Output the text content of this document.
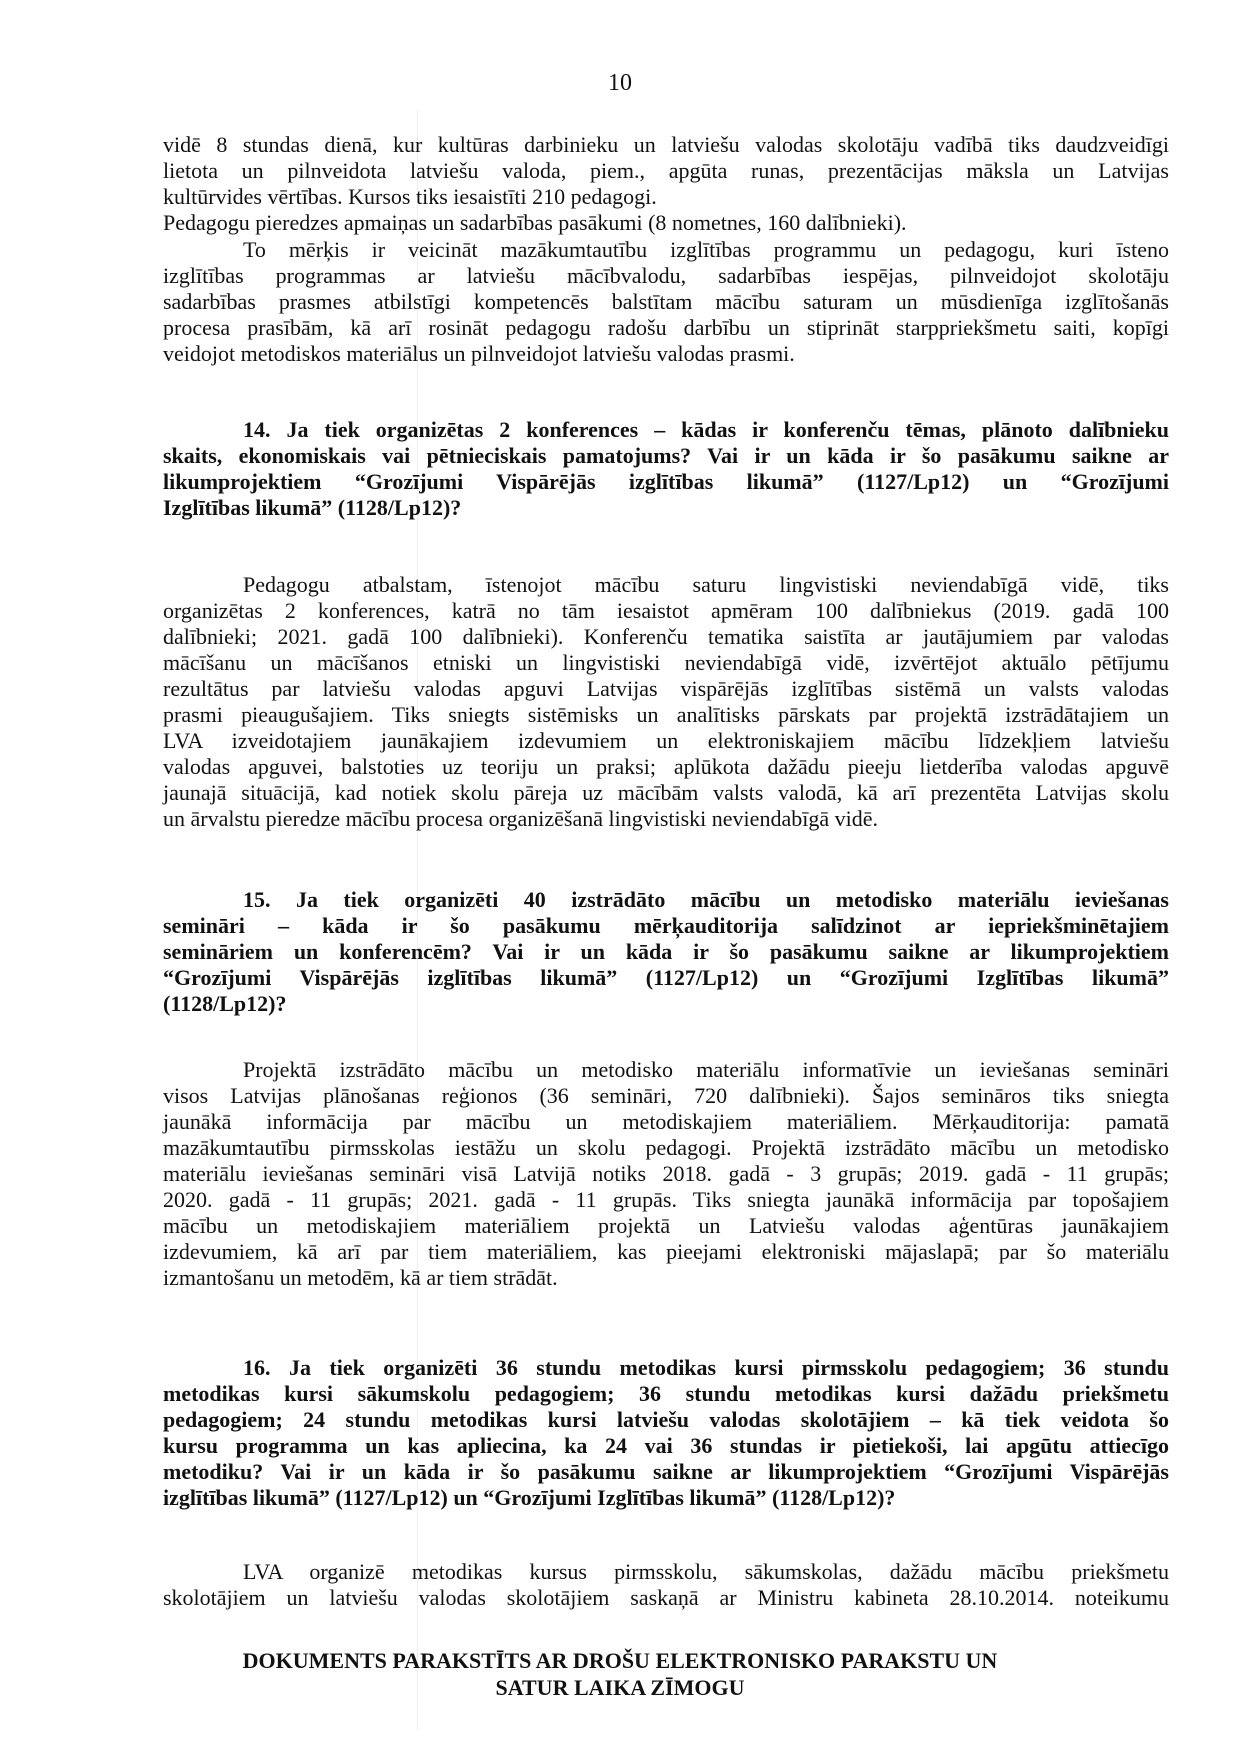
10
vidē 8 stundas dienā, kur kultūras darbinieku un latviešu valodas skolotāju vadībā tiks daudzveidīgi
lietota un pilnveidota latviešu valoda, piem., apgūta runas, prezentācijas māksla un Latvijas
kultūrvides vērtības. Kursos tiks iesaistīti 210 pedagogi.
Pedagogu pieredzes apmaiņas un sadarbības pasākumi (8 nometnes, 160 dalībnieki).
To mērķis ir veicināt mazākumtautību izglītības programmu un pedagogu, kuri īsteno
izglītības programmas ar latviešu mācībvalodu, sadarbības iespējas, pilnveidojot skolotāju
sadarbības prasmes atbilstīgi kompetencēs balstītam mācību saturam un mūsdienīga izglītošanās
procesa prasībām, kā arī rosināt pedagogu radošu darbību un stiprināt starppriekšmetu saiti, kopīgi
veidojot metodiskos materiālus un pilnveidojot latviešu valodas prasmi.
14. Ja tiek organizētas 2 konferences – kādas ir konferenču tēmas, plānoto dalībnieku
skaits, ekonomiskais vai pētnieciskais pamatojums? Vai ir un kāda ir šo pasākumu saikne ar
likumprojektiem “Grozījumi Vispārējās izglītības likumā” (1127/Lp12) un “Grozījumi
Izglītības likumā” (1128/Lp12)?
Pedagogu atbalstam, īstenojot mācību saturu lingvistiski neviendabīgā vidē, tiks
organizētas 2 konferences, katrā no tām iesaistot apmēram 100 dalībniekus (2019. gadā 100
dalībnieki; 2021. gadā 100 dalībnieki). Konferenču tematika saistīta ar jautājumiem par valodas
mācīšanu un mācīšanos etniski un lingvistiski neviendabīgā vidē, izvērtējot aktuālo pētījumu
rezultātus par latviešu valodas apguvi Latvijas vispārējās izglītības sistēmā un valsts valodas
prasmi pieaugušajiem. Tiks sniegts sistēmisks un analītisks pārskats par projektā izstrādātajiem un
LVA izveidotajiem jaunākajiem izdevumiem un elektroniskajiem mācību līdzekļiem latviešu
valodas apguvei, balstoties uz teoriju un praksi; aplūkota dažādu pieeju lietderība valodas apguvē
jaunajā situācijā, kad notiek skolu pāreja uz mācībām valsts valodā, kā arī prezentēta Latvijas skolu
un ārvalstu pieredze mācību procesa organizēšanā lingvistiski neviendabīgā vidē.
15. Ja tiek organizēti 40 izstrādāto mācību un metodisko materiālu ieviešanas
semināri – kāda ir šo pasākumu mērķauditorija salīdzinot ar iepriekšminētajiem
semināriem un konferencēm? Vai ir un kāda ir šo pasākumu saikne ar likumprojektiem
“Grozījumi Vispārējās izglītības likumā” (1127/Lp12) un “Grozījumi Izglītības likumā”
(1128/Lp12)?
Projektā izstrādāto mācību un metodisko materiālu informatīvie un ieviešanas semināri
visos Latvijas plānošanas reģionos (36 semināri, 720 dalībnieki). Šajos semināros tiks sniegta
jaunākā informācija par mācību un metodiskajiem materiāliem. Mērķauditorija: pamatā
mazākumtautību pirmsskolas iestāžu un skolu pedagogi. Projektā izstrādāto mācību un metodisko
materiālu ieviešanas semināri visā Latvijā notiks 2018. gadā - 3 grupās; 2019. gadā - 11 grupās;
2020. gadā - 11 grupās; 2021. gadā - 11 grupās. Tiks sniegta jaunākā informācija par topošajiem
mācību un metodiskajiem materiāliem projektā un Latviešu valodas aģentūras jaunākajiem
izdevumiem, kā arī par tiem materiāliem, kas pieejami elektroniski mājaslapā; par šo materiālu
izmantošanu un metodēm, kā ar tiem strādāt.
16. Ja tiek organizēti 36 stundu metodikas kursi pirmsskolu pedagogiem; 36 stundu
metodikas kursi sākumskolu pedagogiem; 36 stundu metodikas kursi dažādu priekšmetu
pedagogiem; 24 stundu metodikas kursi latviešu valodas skolotājiem – kā tiek veidota šo
kursu programma un kas apliecina, ka 24 vai 36 stundas ir pietiekoši, lai apgūtu attiecīgo
metodiku? Vai ir un kāda ir šo pasākumu saikne ar likumprojektiem “Grozījumi Vispārējās
izglītības likumā” (1127/Lp12) un “Grozījumi Izglītības likumā” (1128/Lp12)?
LVA organizē metodikas kursus pirmsskolu, sākumskolas, dažādu mācību priekšmetu
skolotājiem un latviešu valodas skolotājiem saskaņā ar Ministru kabineta 28.10.2014. noteikumu
DOKUMENTS PARAKSTĪTS AR DROŠU ELEKTRONISKO PARAKSTU UN
SATUR LAIKA ZĪMOGU
